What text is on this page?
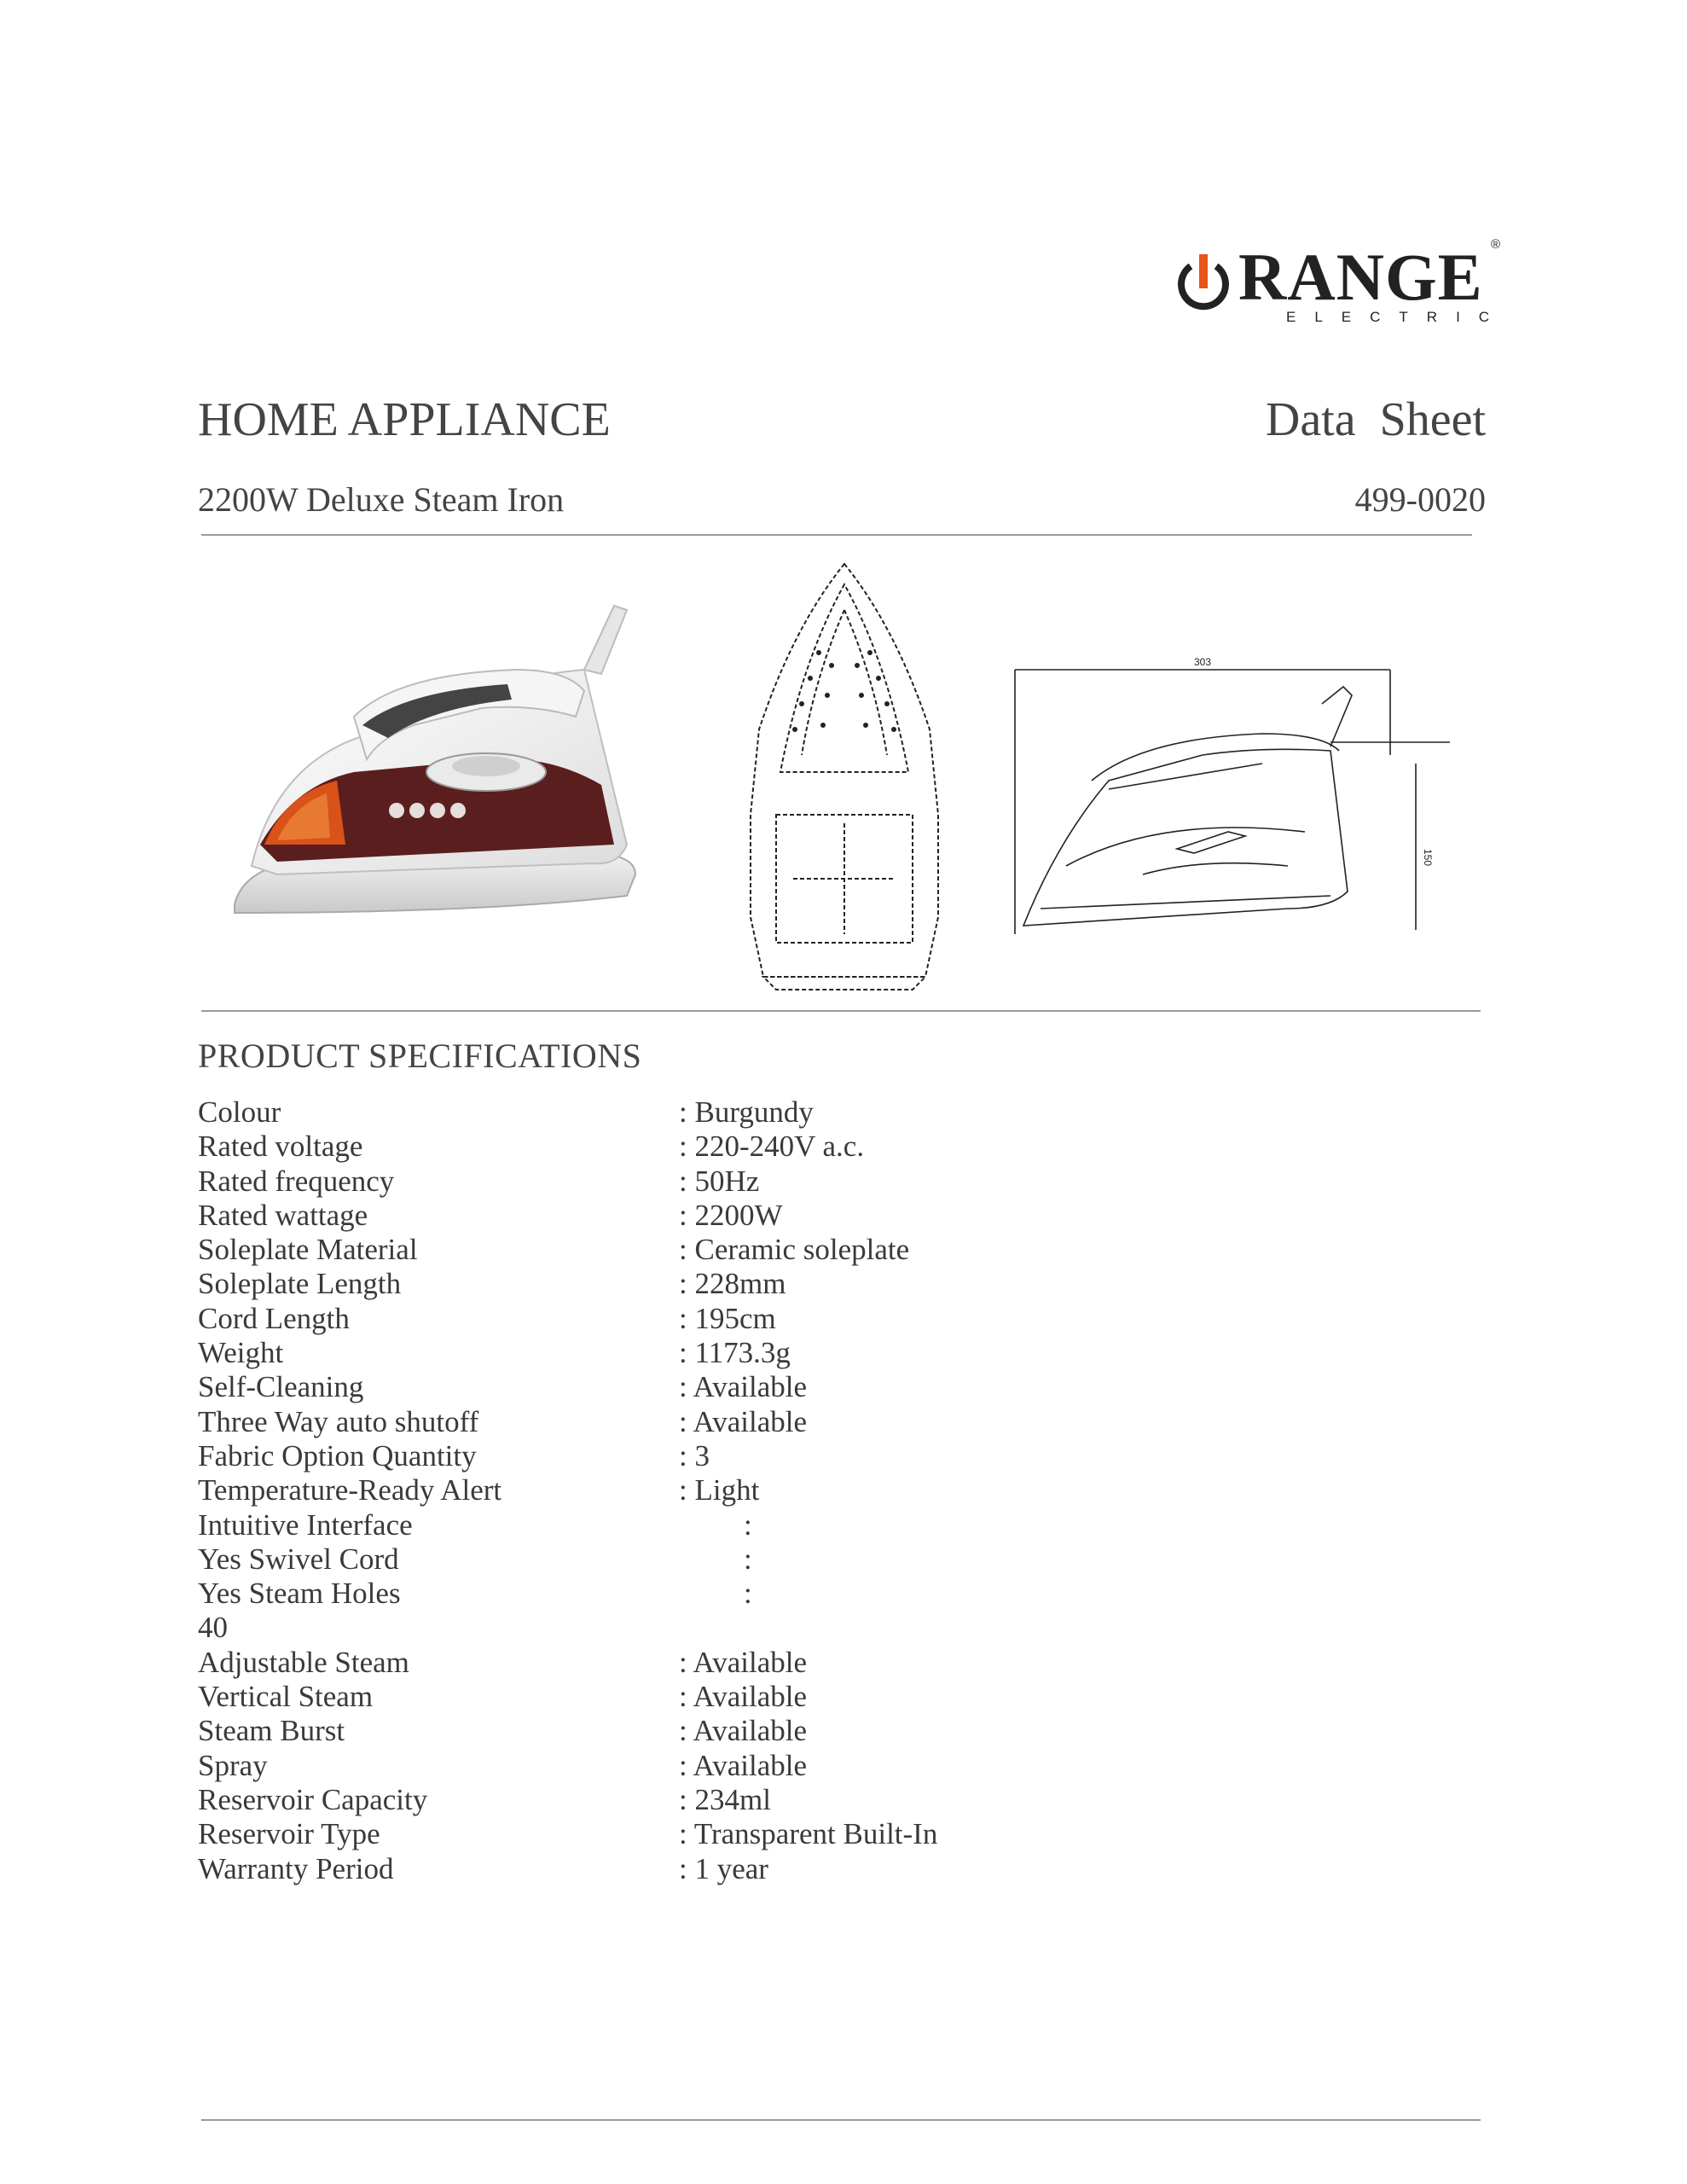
RANGE
ELECTRIC
®
HOME APPLIANCE	Data Sheet
2200W Deluxe Steam Iron	499-0020
303
150
PRODUCT SPECIFICATIONS
Colour	: Burgundy
Rated voltage	: 220-240V a.c.
Rated frequency	: 50Hz
Rated wattage	: 2200W
Soleplate Material	: Ceramic soleplate
Soleplate Length	: 228mm
Cord Length	: 195cm
Weight	: 1173.3g
Self-Cleaning	: Available
Three Way auto shutoff	: Available
Fabric Option Quantity	: 3
Temperature-Ready Alert	: Light
Intuitive Interface	:
Yes Swivel Cord	:
Yes Steam Holes	:
40
Adjustable Steam	: Available
Vertical Steam	: Available
Steam Burst	: Available
Spray	: Available
Reservoir Capacity	: 234ml
Reservoir Type	: Transparent Built-In
Warranty Period	: 1 year
